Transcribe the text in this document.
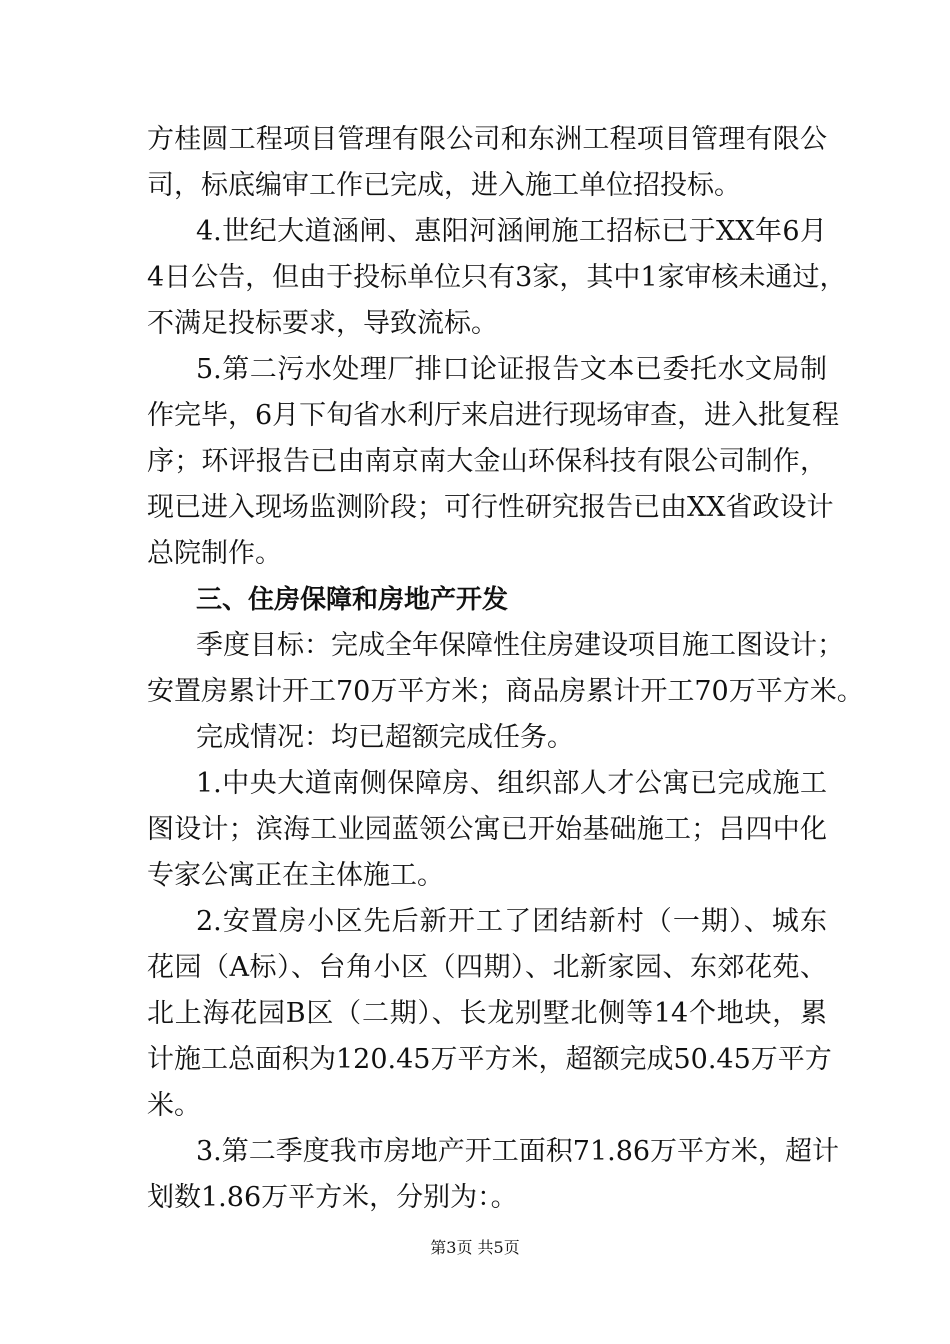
方桂圆工程项目管理有限公司和东洲工程项目管理有限公
司，标底编审工作已完成，进入施工单位招投标。
4.世纪大道涵闸、惠阳河涵闸施工招标已于XX年6月
4日公告，但由于投标单位只有3家，其中1家审核未通过，
不满足投标要求，导致流标。
5.第二污水处理厂排口论证报告文本已委托水文局制
作完毕，6月下旬省水利厅来启进行现场审查，进入批复程
序；环评报告已由南京南大金山环保科技有限公司制作，
现已进入现场监测阶段；可行性研究报告已由XX省政设计
总院制作。
三、住房保障和房地产开发
季度目标：完成全年保障性住房建设项目施工图设计；
安置房累计开工70万平方米；商品房累计开工70万平方米。
完成情况：均已超额完成任务。
1.中央大道南侧保障房、组织部人才公寓已完成施工
图设计；滨海工业园蓝领公寓已开始基础施工；吕四中化
专家公寓正在主体施工。
2.安置房小区先后新开工了团结新村（一期）、城东
花园（A标）、台角小区（四期）、北新家园、东郊花苑、
北上海花园B区（二期）、长龙别墅北侧等14个地块，累
计施工总面积为120.45万平方米，超额完成50.45万平方
米。
3.第二季度我市房地产开工面积71.86万平方米，超计
划数1.86万平方米，分别为：。
第3页 共5页
